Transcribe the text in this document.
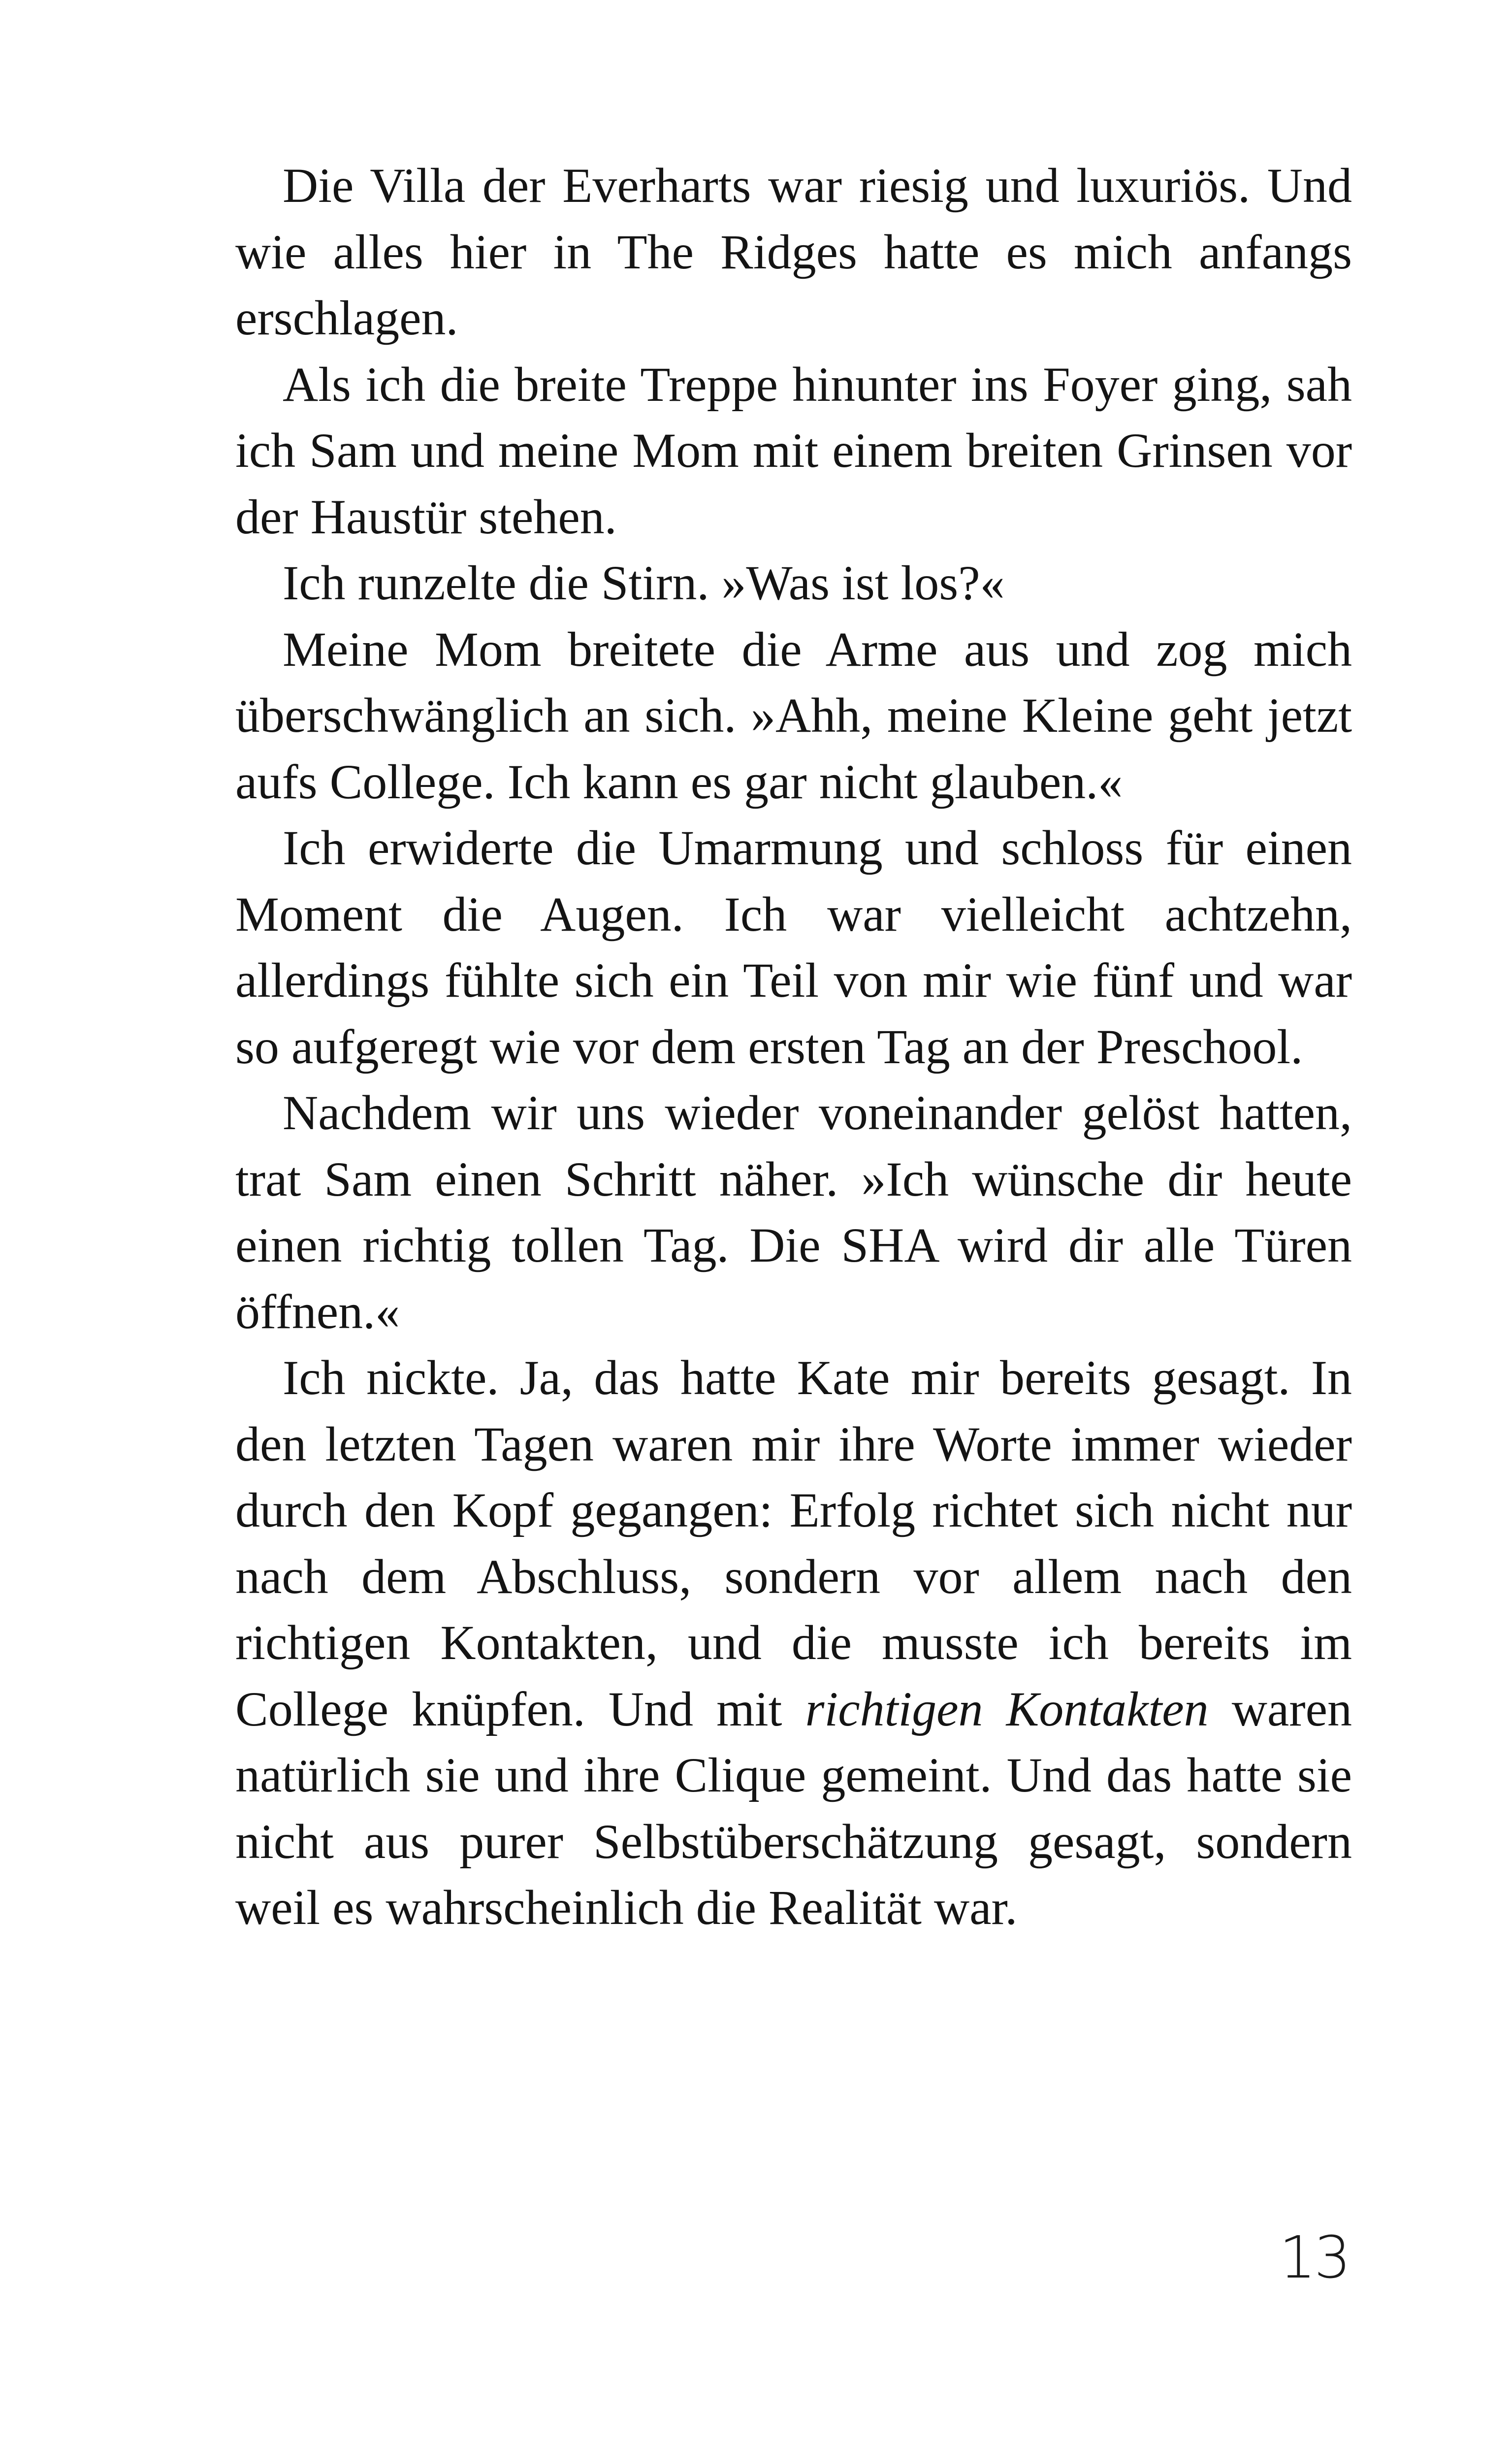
Die Villa der Everharts war riesig und luxuriös. Und wie alles hier in The Ridges hatte es mich anfangs erschlagen.

Als ich die breite Treppe hinunter ins Foyer ging, sah ich Sam und meine Mom mit einem breiten Grinsen vor der Haustür stehen.

Ich runzelte die Stirn. »Was ist los?«

Meine Mom breitete die Arme aus und zog mich überschwänglich an sich. »Ahh, meine Kleine geht jetzt aufs College. Ich kann es gar nicht glauben.«

Ich erwiderte die Umarmung und schloss für einen Moment die Augen. Ich war vielleicht achtzehn, allerdings fühlte sich ein Teil von mir wie fünf und war so aufgeregt wie vor dem ersten Tag an der Preschool.

Nachdem wir uns wieder voneinander gelöst hatten, trat Sam einen Schritt näher. »Ich wünsche dir heute einen richtig tollen Tag. Die SHA wird dir alle Türen öffnen.«

Ich nickte. Ja, das hatte Kate mir bereits gesagt. In den letzten Tagen waren mir ihre Worte immer wieder durch den Kopf gegangen: Erfolg richtet sich nicht nur nach dem Abschluss, sondern vor allem nach den richtigen Kontakten, und die musste ich bereits im College knüpfen. Und mit richtigen Kontakten waren natürlich sie und ihre Clique gemeint. Und das hatte sie nicht aus purer Selbstüberschätzung gesagt, sondern weil es wahrscheinlich die Realität war.

13
